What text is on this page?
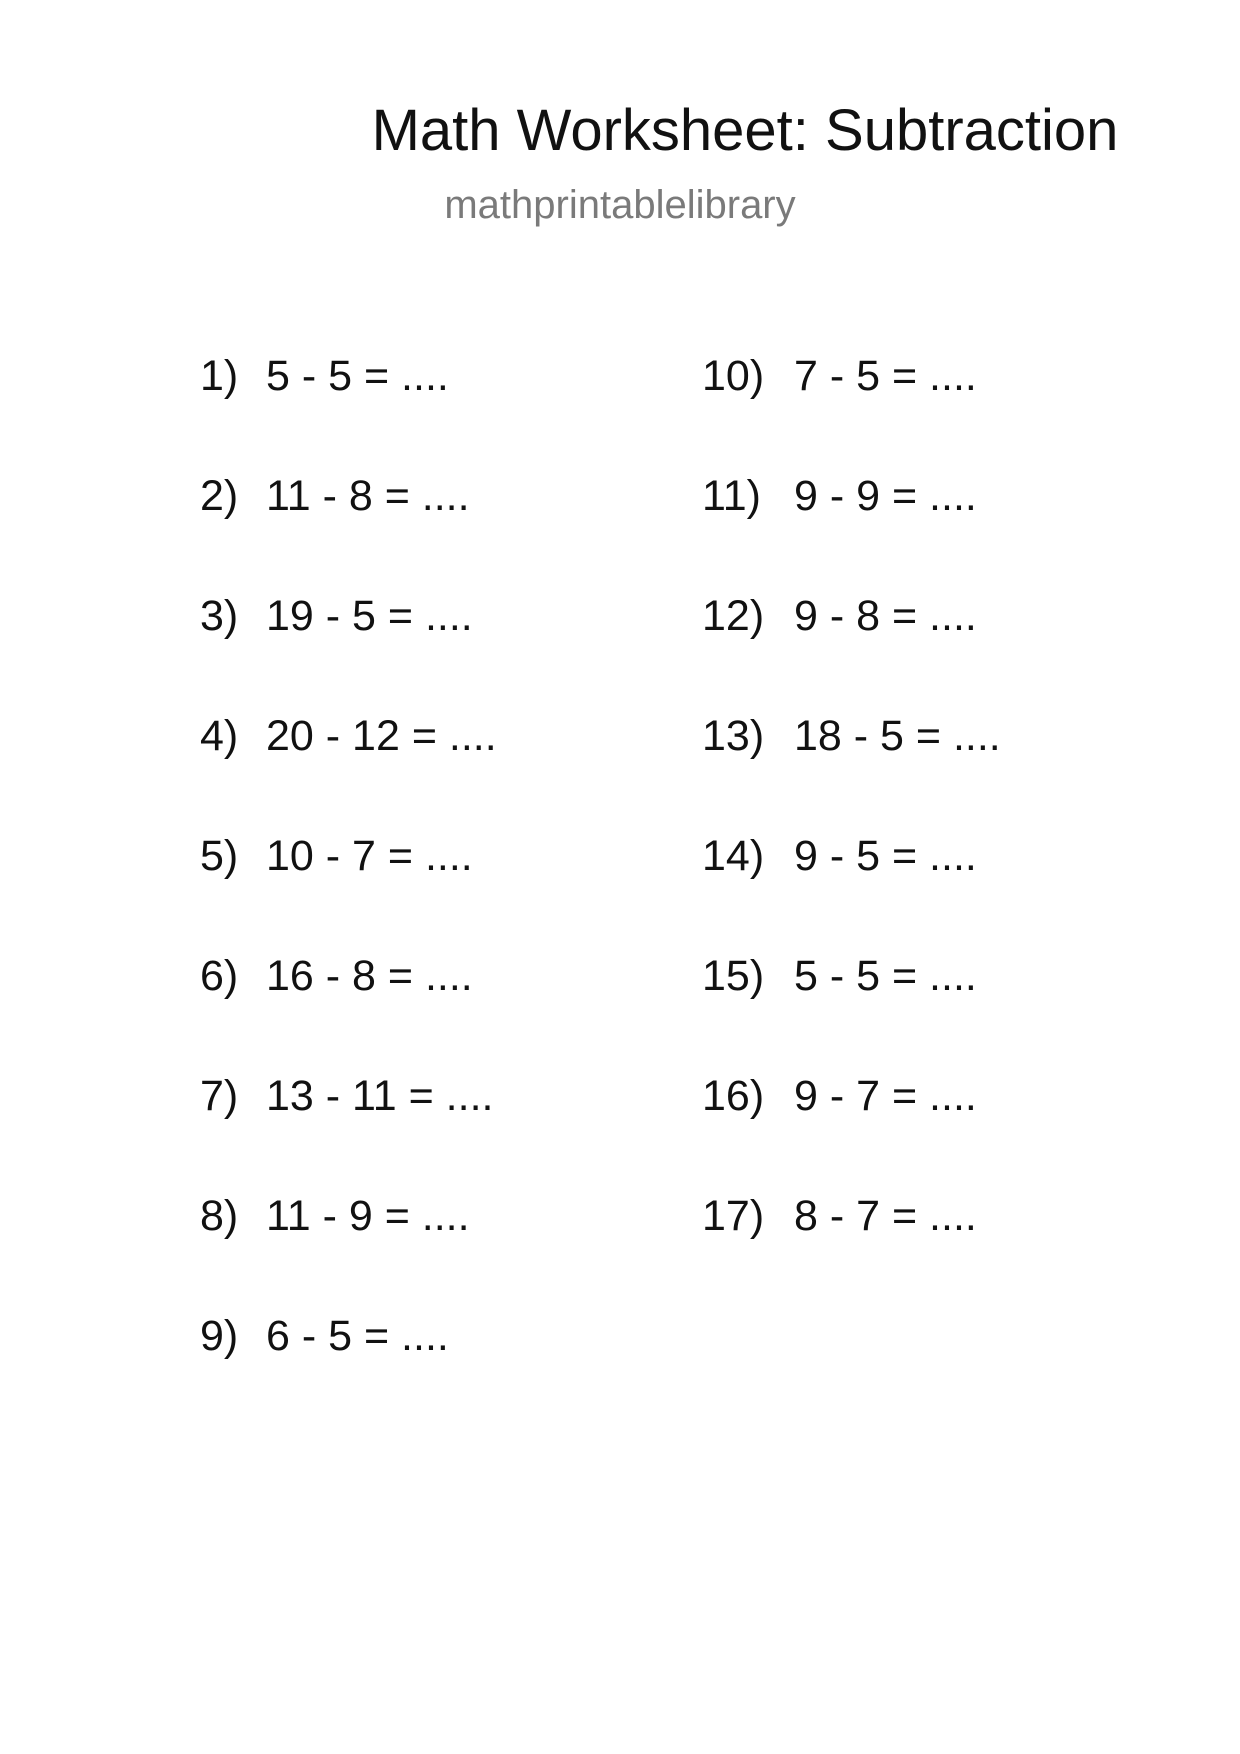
Math Worksheet: Subtraction
mathprintablelibrary
1) 5 - 5 = ....
2) 11 - 8 = ....
3) 19 - 5 = ....
4) 20 - 12 = ....
5) 10 - 7 = ....
6) 16 - 8 = ....
7) 13 - 11 = ....
8) 11 - 9 = ....
9) 6 - 5 = ....
10) 7 - 5 = ....
11) 9 - 9 = ....
12) 9 - 8 = ....
13) 18 - 5 = ....
14) 9 - 5 = ....
15) 5 - 5 = ....
16) 9 - 7 = ....
17) 8 - 7 = ....
